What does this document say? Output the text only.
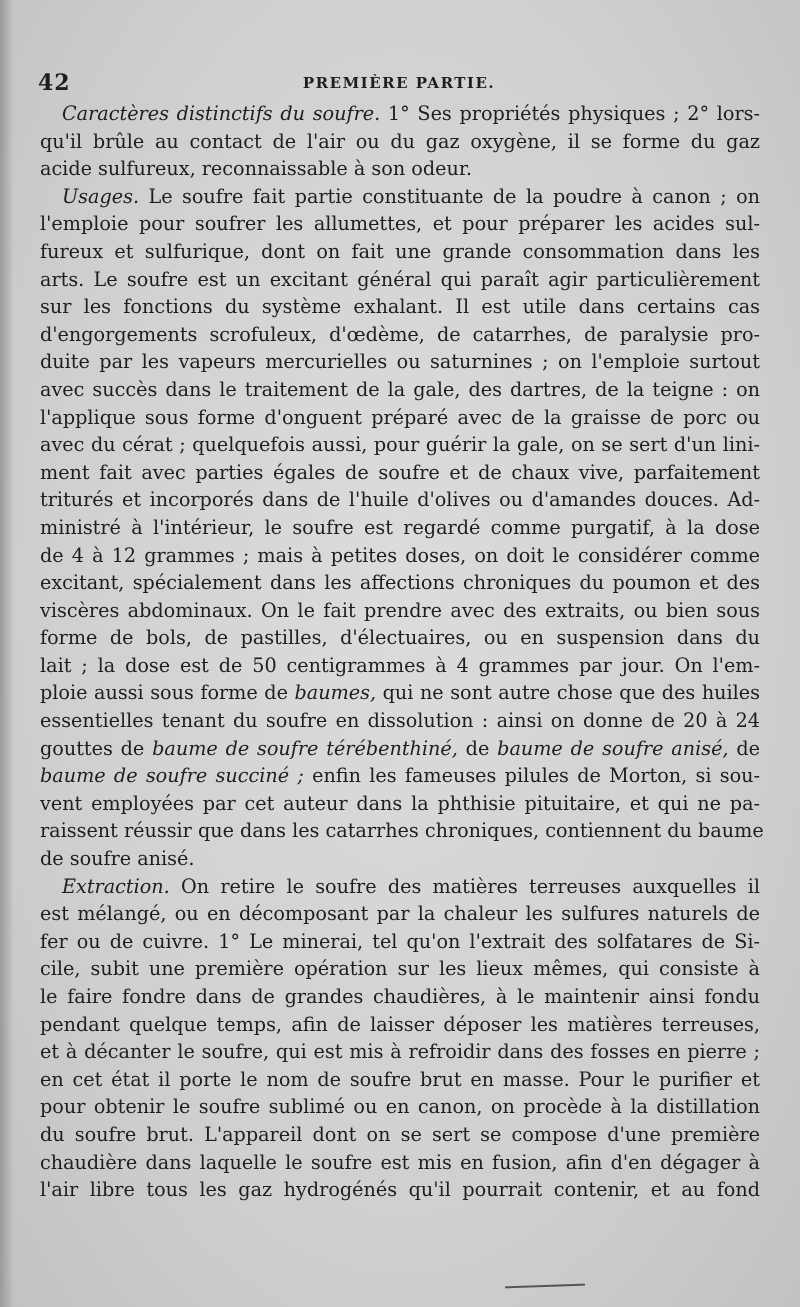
42	PREMIÈRE PARTIE.
Caractères distinctifs du soufre. 1° Ses propriétés physiques ; 2° lors-
qu'il brûle au contact de l'air ou du gaz oxygène, il se forme du gaz
acide sulfureux, reconnaissable à son odeur.
Usages. Le soufre fait partie constituante de la poudre à canon ; on
l'emploie pour soufrer les allumettes, et pour préparer les acides sul-
fureux et sulfurique, dont on fait une grande consommation dans les
arts. Le soufre est un excitant général qui paraît agir particulièrement
sur les fonctions du système exhalant. Il est utile dans certains cas
d'engorgements scrofuleux, d'œdème, de catarrhes, de paralysie pro-
duite par les vapeurs mercurielles ou saturnines ; on l'emploie surtout
avec succès dans le traitement de la gale, des dartres, de la teigne : on
l'applique sous forme d'onguent préparé avec de la graisse de porc ou
avec du cérat ; quelquefois aussi, pour guérir la gale, on se sert d'un lini-
ment fait avec parties égales de soufre et de chaux vive, parfaitement
triturés et incorporés dans de l'huile d'olives ou d'amandes douces. Ad-
ministré à l'intérieur, le soufre est regardé comme purgatif, à la dose
de 4 à 12 grammes ; mais à petites doses, on doit le considérer comme
excitant, spécialement dans les affections chroniques du poumon et des
viscères abdominaux. On le fait prendre avec des extraits, ou bien sous
forme de bols, de pastilles, d'électuaires, ou en suspension dans du
lait ; la dose est de 50 centigrammes à 4 grammes par jour. On l'em-
ploie aussi sous forme de baumes, qui ne sont autre chose que des huiles
essentielles tenant du soufre en dissolution : ainsi on donne de 20 à 24
gouttes de baume de soufre térébenthiné, de baume de soufre anisé, de
baume de soufre succiné ; enfin les fameuses pilules de Morton, si sou-
vent employées par cet auteur dans la phthisie pituitaire, et qui ne pa-
raissent réussir que dans les catarrhes chroniques, contiennent du baume
de soufre anisé.
Extraction. On retire le soufre des matières terreuses auxquelles il
est mélangé, ou en décomposant par la chaleur les sulfures naturels de
fer ou de cuivre. 1° Le minerai, tel qu'on l'extrait des solfatares de Si-
cile, subit une première opération sur les lieux mêmes, qui consiste à
le faire fondre dans de grandes chaudières, à le maintenir ainsi fondu
pendant quelque temps, afin de laisser déposer les matières terreuses,
et à décanter le soufre, qui est mis à refroidir dans des fosses en pierre ;
en cet état il porte le nom de soufre brut en masse. Pour le purifier et
pour obtenir le soufre sublimé ou en canon, on procède à la distillation
du soufre brut. L'appareil dont on se sert se compose d'une première
chaudière dans laquelle le soufre est mis en fusion, afin d'en dégager à
l'air libre tous les gaz hydrogénés qu'il pourrait contenir, et au fond
